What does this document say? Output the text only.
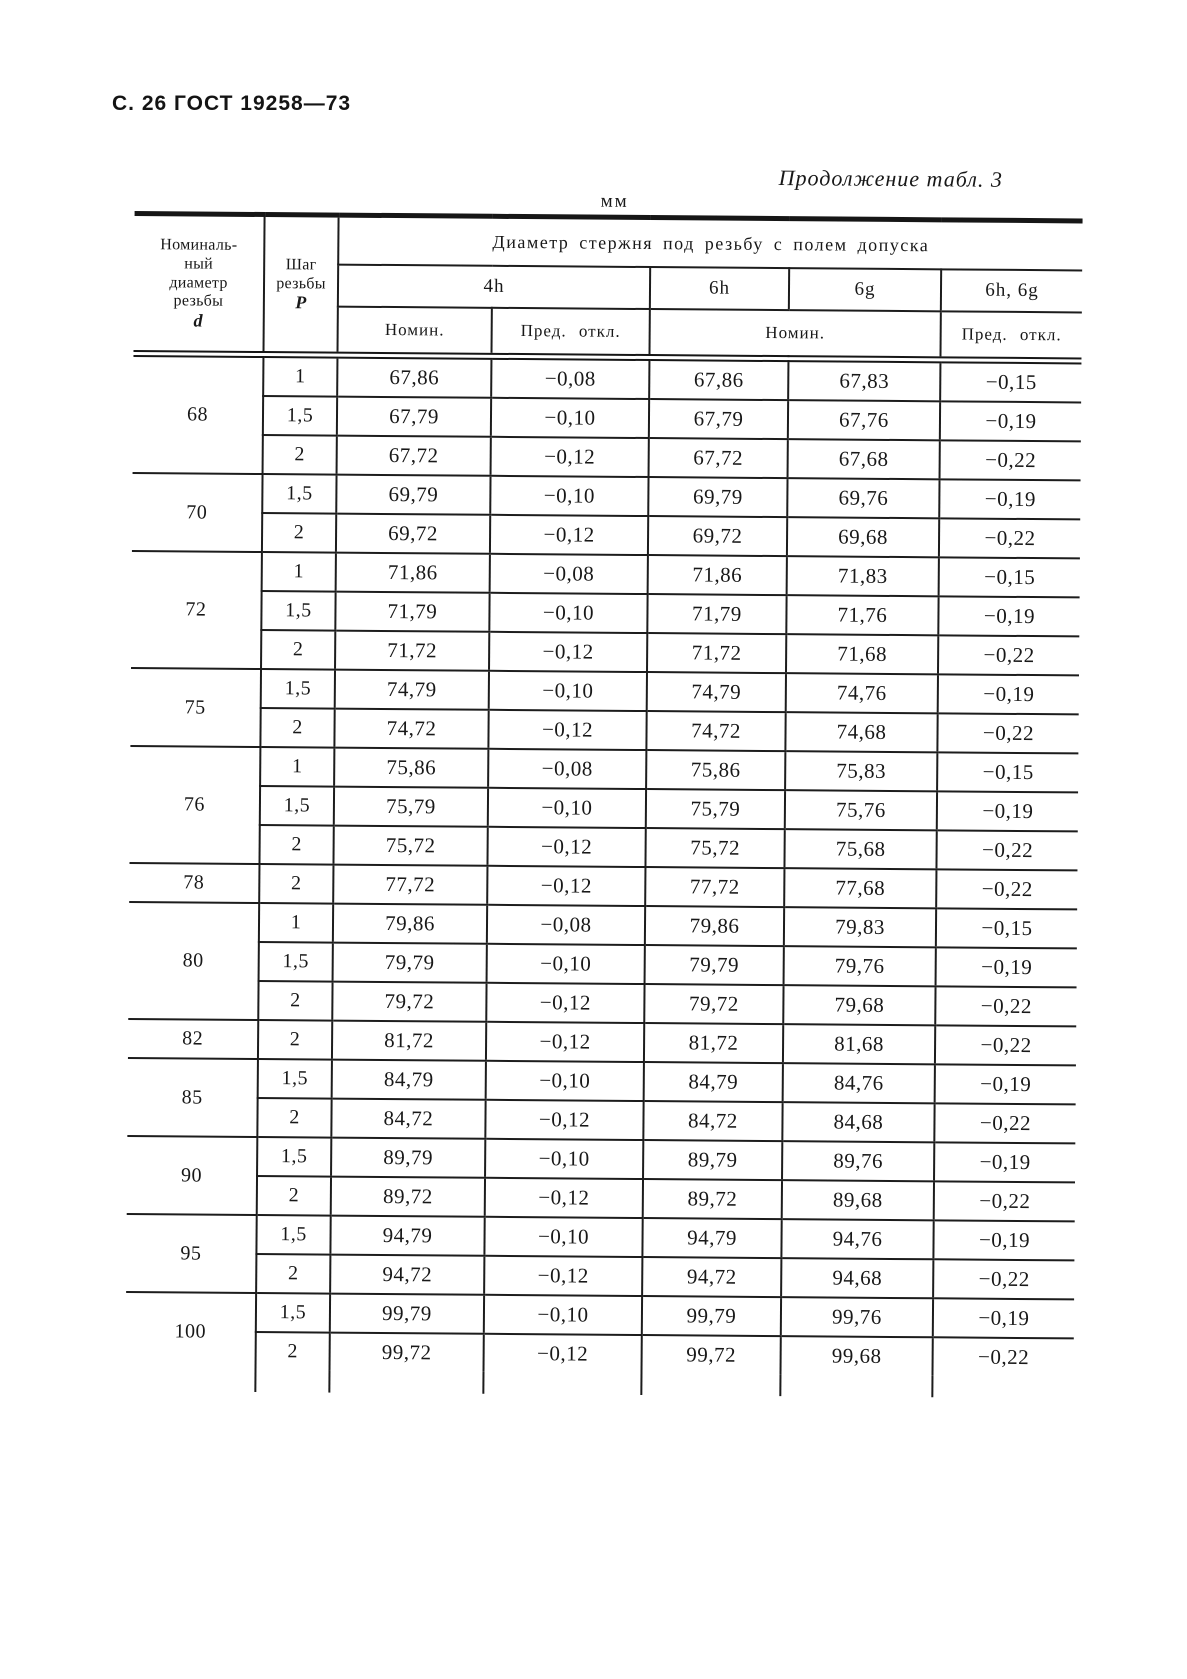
С. 26 ГОСТ 19258—73
Продолжение табл. 3
мм
Номиналь-
ный
диаметр
резьбы
d	Шаг
резьбы
P	Диаметр стержня под резьбу с полем допуска				
		4h		6h	6g	6h, 6g
		Номин.	Пред. откл.	Номин.		Пред. откл.
68	1	67,86	−0,08	67,86	67,83	−0,15
	1,5	67,79	−0,10	67,79	67,76	−0,19
	2	67,72	−0,12	67,72	67,68	−0,22
70	1,5	69,79	−0,10	69,79	69,76	−0,19
	2	69,72	−0,12	69,72	69,68	−0,22
72	1	71,86	−0,08	71,86	71,83	−0,15
	1,5	71,79	−0,10	71,79	71,76	−0,19
	2	71,72	−0,12	71,72	71,68	−0,22
75	1,5	74,79	−0,10	74,79	74,76	−0,19
	2	74,72	−0,12	74,72	74,68	−0,22
76	1	75,86	−0,08	75,86	75,83	−0,15
	1,5	75,79	−0,10	75,79	75,76	−0,19
	2	75,72	−0,12	75,72	75,68	−0,22
78	2	77,72	−0,12	77,72	77,68	−0,22
80	1	79,86	−0,08	79,86	79,83	−0,15
	1,5	79,79	−0,10	79,79	79,76	−0,19
	2	79,72	−0,12	79,72	79,68	−0,22
82	2	81,72	−0,12	81,72	81,68	−0,22
85	1,5	84,79	−0,10	84,79	84,76	−0,19
	2	84,72	−0,12	84,72	84,68	−0,22
90	1,5	89,79	−0,10	89,79	89,76	−0,19
	2	89,72	−0,12	89,72	89,68	−0,22
95	1,5	94,79	−0,10	94,79	94,76	−0,19
	2	94,72	−0,12	94,72	94,68	−0,22
100	1,5	99,79	−0,10	99,79	99,76	−0,19
	2	99,72	−0,12	99,72	99,68	−0,22
